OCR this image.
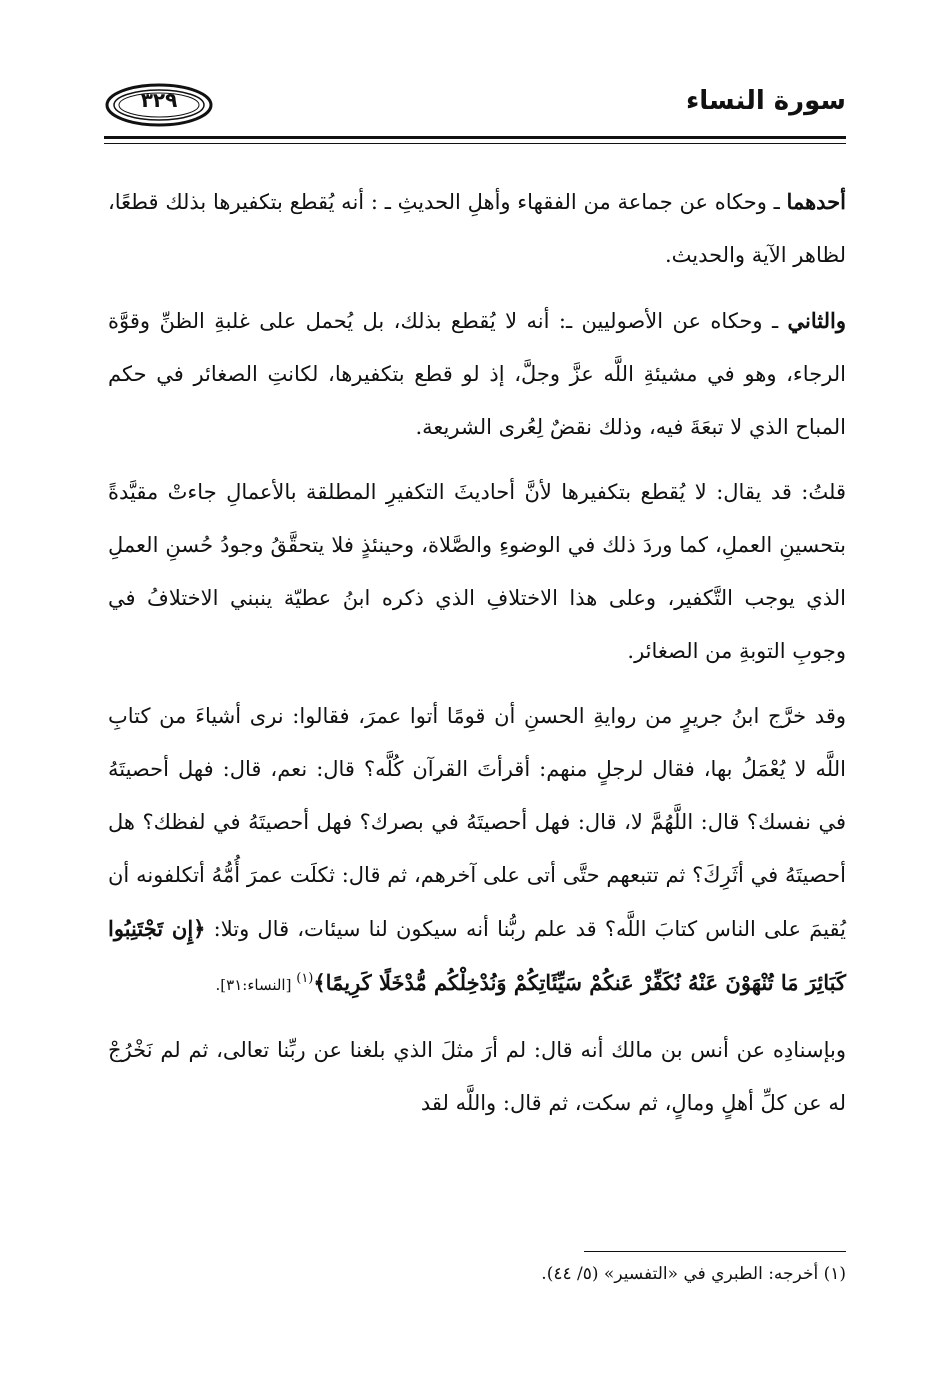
سورة النساء
٣٢٩

أحدهما ـ وحكاه عن جماعة من الفقهاء وأهلِ الحديثِ ـ : أنه يُقطع بتكفيرها بذلك قطعًا، لظاهر الآية والحديث.

والثاني ـ وحكاه عن الأصوليين ـ: أنه لا يُقطع بذلك، بل يُحمل على غلبةِ الظنِّ وقوَّة الرجاء، وهو في مشيئةِ اللَّه عزَّ وجلَّ، إذ لو قطع بتكفيرها، لكانتِ الصغائر في حكم المباح الذي لا تبعَةَ فيه، وذلك نقضٌ لِعُرى الشريعة.

قلتُ: قد يقال: لا يُقطع بتكفيرها لأنَّ أحاديثَ التكفيرِ المطلقة بالأعمالِ جاءتْ مقيَّدةً بتحسينِ العملِ، كما وردَ ذلك في الوضوءِ والصَّلاة، وحينئذٍ فلا يتحقَّقُ وجودُ حُسنِ العملِ الذي يوجب التَّكفير، وعلى هذا الاختلافِ الذي ذكره ابنُ عطيّة ينبني الاختلافُ في وجوبِ التوبةِ من الصغائر.

وقد خرَّج ابنُ جريرٍ من روايةِ الحسنِ أن قومًا أتوا عمرَ، فقالوا: نرى أشياءَ من كتابِ اللَّه لا يُعْمَلُ بها، فقال لرجلٍ منهم: أقرأتَ القرآن كُلَّه؟ قال: نعم، قال: فهل أحصيتَهُ في نفسك؟ قال: اللَّهُمَّ لا، قال: فهل أحصيتَهُ في بصرك؟ فهل أحصيتَهُ في لفظك؟ هل أحصيتَهُ في أثَرِكَ؟ ثم تتبعهم حتَّى أتى على آخرهم، ثم قال: ثكلَت عمرَ أُمُّهُ أتكلفونه أن يُقيمَ على الناس كتابَ اللَّه؟ قد علم ربُّنا أنه سيكون لنا سيئات، قال وتلا: ﴿إِن تَجْتَنِبُوا كَبَائِرَ مَا تُنْهَوْنَ عَنْهُ نُكَفِّرْ عَنكُمْ سَيِّئَاتِكُمْ وَنُدْخِلْكُم مُّدْخَلًا كَرِيمًا﴾$^{(١)}$ [النساء:٣١].

وبإسنادِه عن أنس بن مالك أنه قال: لم أرَ مثلَ الذي بلغنا عن ربِّنا تعالى، ثم لم نَخْرُجْ له عن كلِّ أهلٍ ومالٍ، ثم سكت، ثم قال: واللَّه لقد

(١) أخرجه: الطبري في «التفسير» (٥/ ٤٤).
